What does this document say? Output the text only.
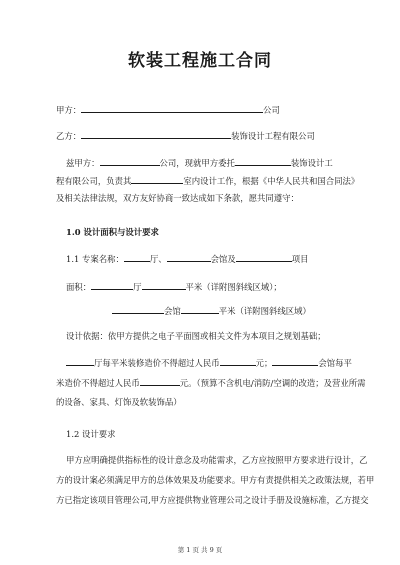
软装工程施工合同
甲方：	公司
乙方：	装饰设计工程有限公司
兹甲方：	公司，现就甲方委托	装饰设计工
程有限公司，负责其	室内设计工作，根据《中华人民共和国合同法》
及相关法律法规，双方友好协商一致达成如下条款，愿共同遵守：
1.0 设计面积与设计要求
1.1 专案名称：	厅、	会馆及	项目
面积：	厅	平米（详附图斜线区域）；
会馆	平米（详附图斜线区域）
设计依据：依甲方提供之电子平面图或相关文件为本项目之规划基础；
厅每平米装修造价不得超过人民币	元；	会馆每平
米造价不得超过人民币	元。（预算不含机电/消防/空调的改造；及营业所需
的设备、家具、灯饰及软装饰品）
1.2 设计要求
甲方应明确提供指标性的设计意念及功能需求，乙方应按照甲方要求进行设计，乙
方的设计案必须满足甲方的总体效果及功能要求。甲方有责提供相关之政策法规，若甲
方已指定该项目管理公司,甲方应提供物业管理公司之设计手册及设施标准，乙方提交
第 1 页 共 9 页
